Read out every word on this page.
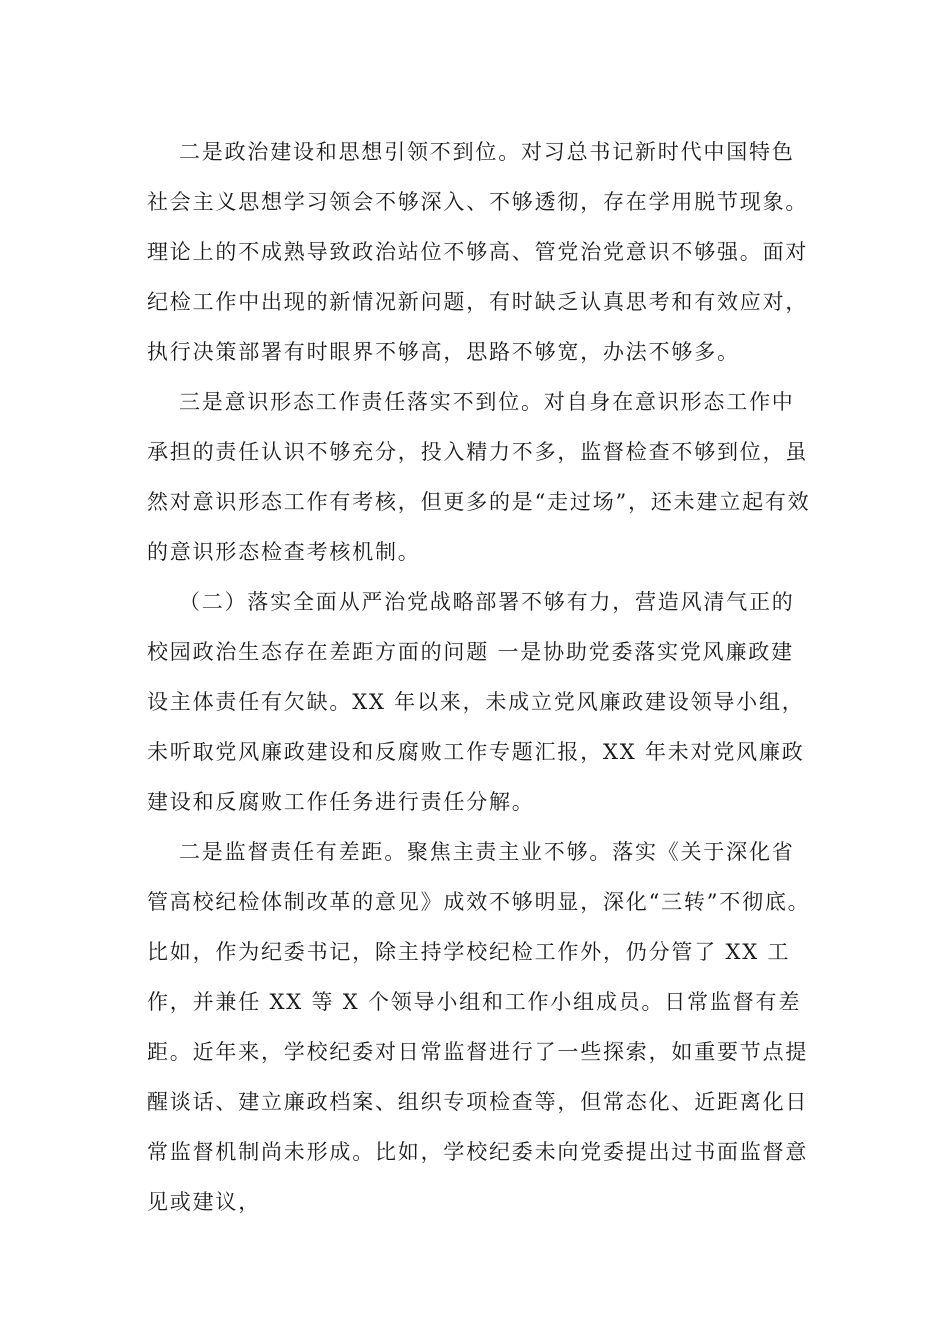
二是政治建设和思想引领不到位。对习总书记新时代中国特色社会主义思想学习领会不够深入、不够透彻，存在学用脱节现象。理论上的不成熟导致政治站位不够高、管党治党意识不够强。面对纪检工作中出现的新情况新问题，有时缺乏认真思考和有效应对，执行决策部署有时眼界不够高，思路不够宽，办法不够多。

三是意识形态工作责任落实不到位。对自身在意识形态工作中承担的责任认识不够充分，投入精力不多，监督检查不够到位，虽然对意识形态工作有考核，但更多的是“走过场”，还未建立起有效的意识形态检查考核机制。

（二）落实全面从严治党战略部署不够有力，营造风清气正的校园政治生态存在差距方面的问题 一是协助党委落实党风廉政建设主体责任有欠缺。XX 年以来，未成立党风廉政建设领导小组，未听取党风廉政建设和反腐败工作专题汇报，XX 年未对党风廉政建设和反腐败工作任务进行责任分解。

二是监督责任有差距。聚焦主责主业不够。落实《关于深化省管高校纪检体制改革的意见》成效不够明显，深化“三转”不彻底。比如，作为纪委书记，除主持学校纪检工作外，仍分管了 XX 工作，并兼任 XX 等 X 个领导小组和工作小组成员。日常监督有差距。近年来，学校纪委对日常监督进行了一些探索，如重要节点提醒谈话、建立廉政档案、组织专项检查等，但常态化、近距离化日常监督机制尚未形成。比如，学校纪委未向党委提出过书面监督意见或建议，
